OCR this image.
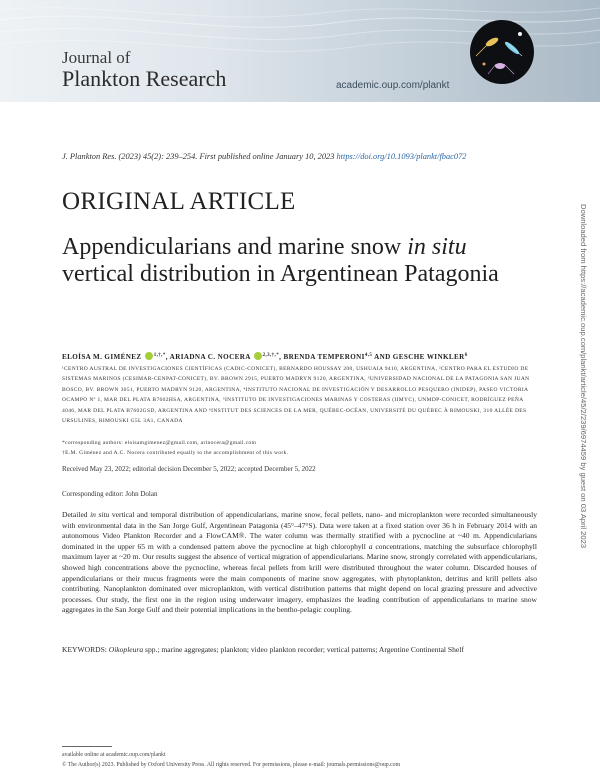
Journal of
Plankton Research	academic.oup.com/plankt
J. Plankton Res. (2023) 45(2): 239–254. First published online January 10, 2023 https://doi.org/10.1093/plankt/fbac072
ORIGINAL ARTICLE
Appendicularians and marine snow in situ vertical distribution in Argentinean Patagonia
ELOÍSA M. GIMÉNEZ $^{1,\dagger,*}$, ARIADNA C. NOCERA $^{2,3,\dagger,*}$, BRENDA TEMPERONI$^{4,5}$ AND GESCHE WINKLER$^6$
¹CENTRO AUSTRAL DE INVESTIGACIONES CIENTÍFICAS (CADIC-CONICET), BERNARDO HOUSSAY 200, USHUAIA 9410, ARGENTINA, ²CENTRO PARA EL ESTUDIO DE SISTEMAS MARINOS (CESIMAR-CENPAT-CONICET), BV. BROWN 2915, PUERTO MADRYN 9120, ARGENTINA, ³UNIVERSIDAD NACIONAL DE LA PATAGONIA SAN JUAN BOSCO, BV. BROWN 3051, PUERTO MADRYN 9120, ARGENTINA, ⁴INSTITUTO NACIONAL DE INVESTIGACIÓN Y DESARROLLO PESQUERO (INIDEP), PASEO VICTORIA OCAMPO Nº 1, MAR DEL PLATA B7602HSA, ARGENTINA, ⁵INSTITUTO DE INVESTIGACIONES MARINAS Y COSTERAS (IIMYC), UNMDP-CONICET, RODRÍGUEZ PEÑA 4046, MAR DEL PLATA B7602GSD, ARGENTINA AND ⁶INSTITUT DES SCIENCES DE LA MER, QUÉBEC-OCÉAN, UNIVERSITÉ DU QUÉBEC À RIMOUSKI, 310 ALLÉE DES URSULINES, RIMOUSKI G5L 3A1, CANADA
*corresponding authors: eloisamgimenez@gmail.com, arinocera@gmail.com
†E.M. Giménez and A.C. Nocera contributed equally to the accomplishment of this work.
Received May 23, 2022; editorial decision December 5, 2022; accepted December 5, 2022
Corresponding editor: John Dolan
Detailed in situ vertical and temporal distribution of appendicularians, marine snow, fecal pellets, nano- and microplankton were recorded simultaneously with environmental data in the San Jorge Gulf, Argentinean Patagonia (45°–47°S). Data were taken at a fixed station over 36 h in February 2014 with an autonomous Video Plankton Recorder and a FlowCAM®. The water column was thermally stratified with a pycnocline at ~40 m. Appendicularians dominated in the upper 65 m with a condensed pattern above the pycnocline at high chlorophyll a concentrations, matching the subsurface chlorophyll maximum layer at ~20 m. Our results suggest the absence of vertical migration of appendicularians. Marine snow, strongly correlated with appendicularians, showed high concentrations above the pycnocline, whereas fecal pellets from krill were distributed throughout the water column. Discarded houses of appendicularians or their mucus fragments were the main components of marine snow aggregates, with phytoplankton, detritus and krill pellets also contributing. Nanoplankton dominated over microplankton, with vertical distribution patterns that might depend on local grazing pressure and advective processes. Our study, the first one in the region using underwater imagery, emphasizes the leading contribution of appendicularians to marine snow aggregates in the San Jorge Gulf and their potential implications in the bentho-pelagic coupling.
KEYWORDS: Oikopleura spp.; marine aggregates; plankton; video plankton recorder; vertical patterns; Argentine Continental Shelf
available online at academic.oup.com/plankt
© The Author(s) 2023. Published by Oxford University Press. All rights reserved. For permissions, please e-mail: journals.permissions@oup.com
Downloaded from https://academic.oup.com/plankt/article/45/2/239/6974459 by guest on 03 April 2023
